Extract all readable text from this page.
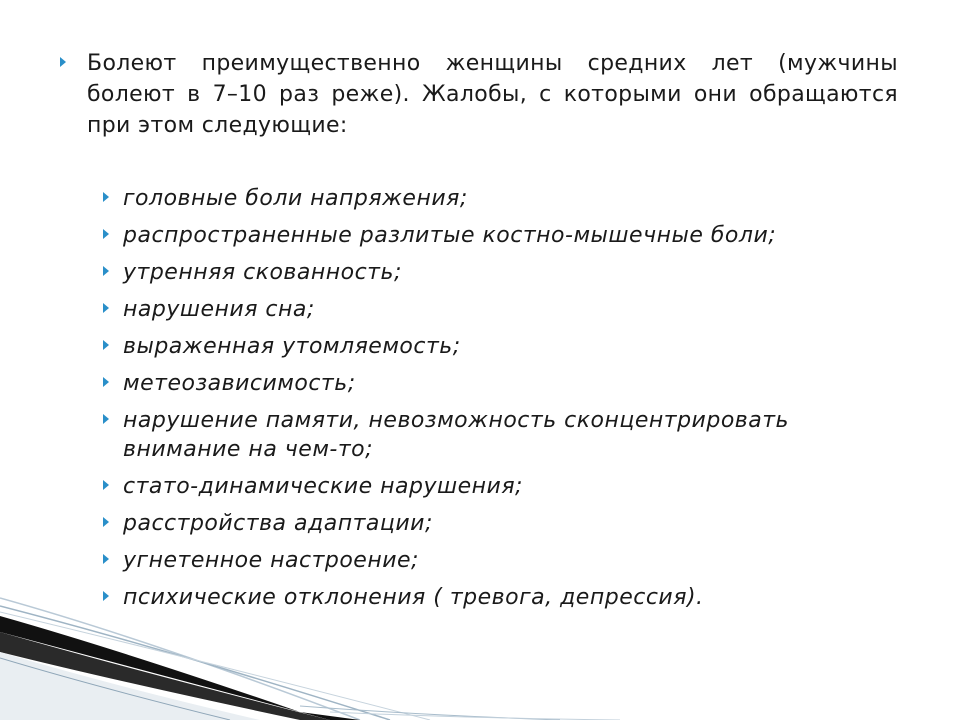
Болеют преимущественно женщины средних лет (мужчины болеют в 7–10 раз реже). Жалобы, с которыми они обращаются при этом следующие:
головные боли напряжения;
распространенные разлитые костно-мышечные боли;
утренняя скованность;
нарушения сна;
выраженная утомляемость;
метеозависимость;
нарушение памяти, невозможность сконцентрировать внимание на чем-то;
стато-динамические нарушения;
расстройства адаптации;
угнетенное настроение;
психические отклонения ( тревога, депрессия).
